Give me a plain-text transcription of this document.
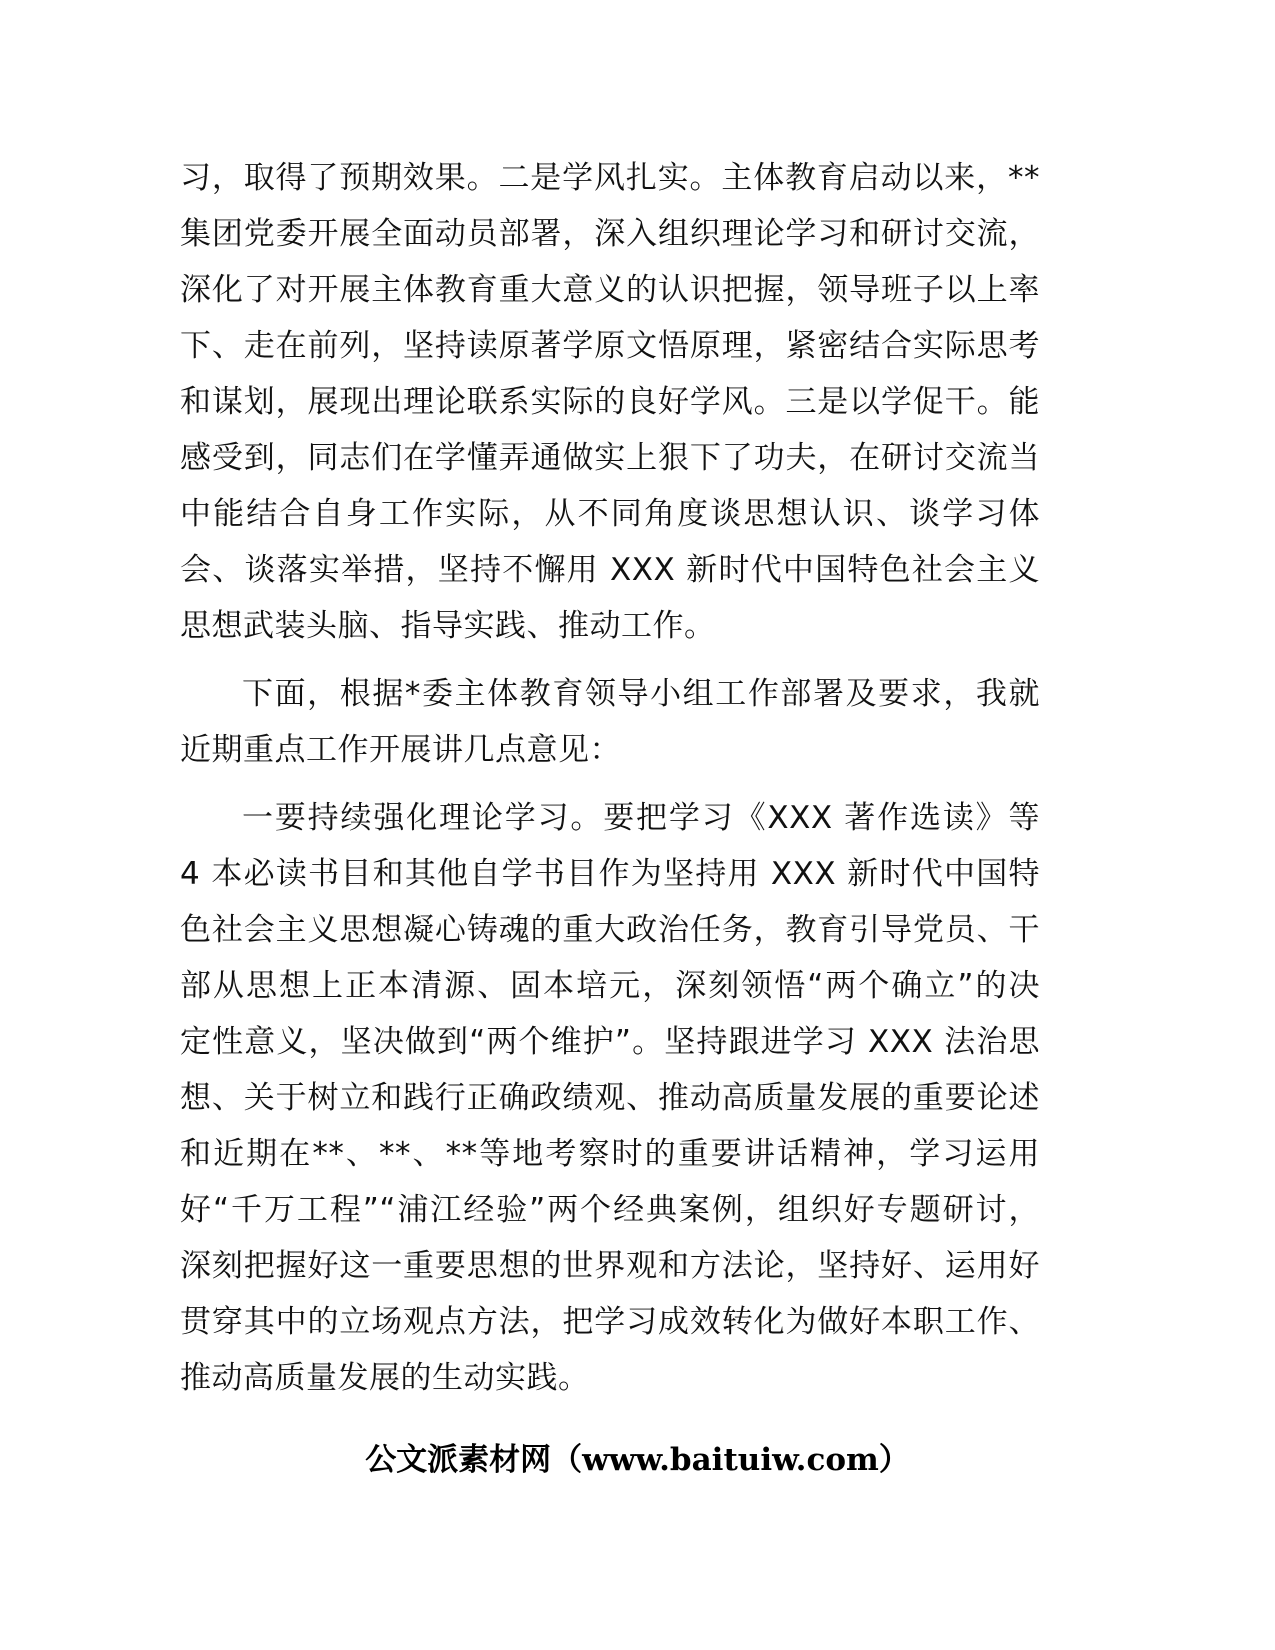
习，取得了预期效果。二是学风扎实。主体教育启动以来，**
集团党委开展全面动员部署，深入组织理论学习和研讨交流，
深化了对开展主体教育重大意义的认识把握，领导班子以上率
下、走在前列，坚持读原著学原文悟原理，紧密结合实际思考
和谋划，展现出理论联系实际的良好学风。三是以学促干。能
感受到，同志们在学懂弄通做实上狠下了功夫，在研讨交流当
中能结合自身工作实际，从不同角度谈思想认识、谈学习体
会、谈落实举措，坚持不懈用 XXX 新时代中国特色社会主义
思想武装头脑、指导实践、推动工作。
下面，根据*委主体教育领导小组工作部署及要求，我就
近期重点工作开展讲几点意见：
一要持续强化理论学习。要把学习《XXX 著作选读》等
4 本必读书目和其他自学书目作为坚持用 XXX 新时代中国特
色社会主义思想凝心铸魂的重大政治任务，教育引导党员、干
部从思想上正本清源、固本培元，深刻领悟“两个确立”的决
定性意义，坚决做到“两个维护”。坚持跟进学习 XXX 法治思
想、关于树立和践行正确政绩观、推动高质量发展的重要论述
和近期在**、**、**等地考察时的重要讲话精神，学习运用
好“千万工程”“浦江经验”两个经典案例，组织好专题研讨，
深刻把握好这一重要思想的世界观和方法论，坚持好、运用好
贯穿其中的立场观点方法，把学习成效转化为做好本职工作、
推动高质量发展的生动实践。
公文派素材网（www.baituiw.com）
